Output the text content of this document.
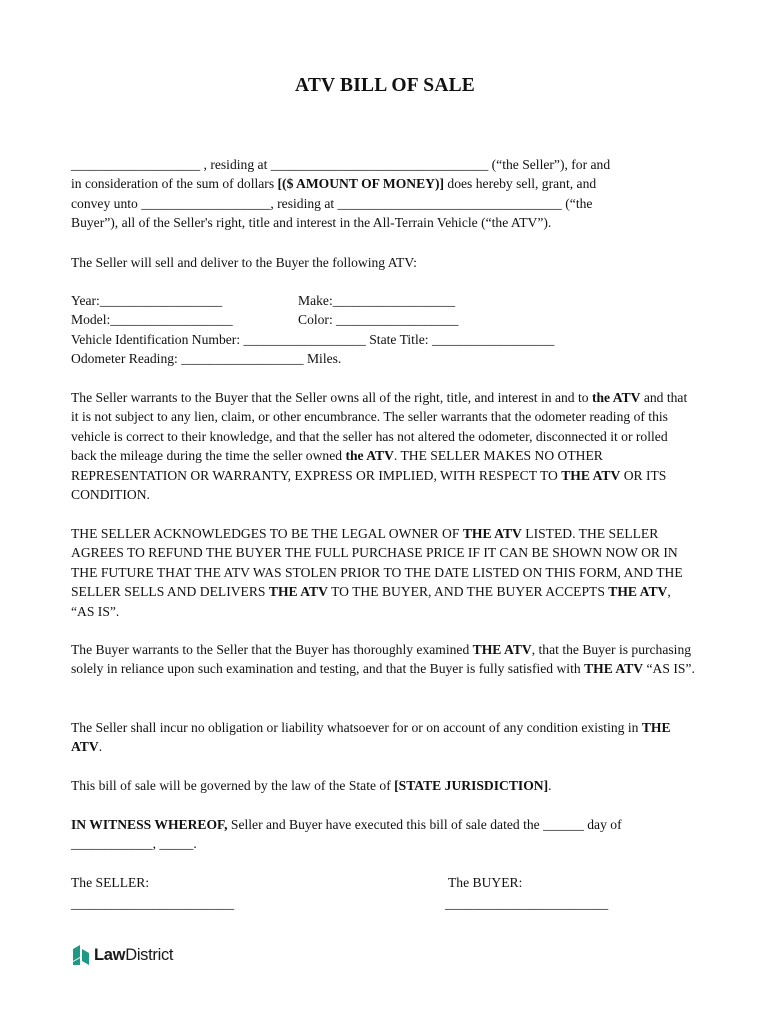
ATV BILL OF SALE

___________________ , residing at ________________________________ (“the Seller”), for and

in consideration of the sum of dollars [($ AMOUNT OF MONEY)] does hereby sell, grant, and

convey unto ___________________, residing at _________________________________ (“the

Buyer”), all of the Seller's right, title and interest in the All-Terrain Vehicle (“the ATV”).

The Seller will sell and deliver to the Buyer the following ATV:
Year:__________________	Make:__________________
Model:__________________	Color: __________________
Vehicle Identification Number: __________________ State Title: __________________
Odometer Reading: __________________ Miles.
The Seller warrants to the Buyer that the Seller owns all of the right, title, and interest in and to the ATV and that it is not subject to any lien, claim, or other encumbrance. The seller warrants that the odometer reading of this vehicle is correct to their knowledge, and that the seller has not altered the odometer, disconnected it or rolled back the mileage during the time the seller owned the ATV. THE SELLER MAKES NO OTHER REPRESENTATION OR WARRANTY, EXPRESS OR IMPLIED, WITH RESPECT TO THE ATV OR ITS CONDITION.
THE SELLER ACKNOWLEDGES TO BE THE LEGAL OWNER OF THE ATV LISTED. THE SELLER AGREES TO REFUND THE BUYER THE FULL PURCHASE PRICE IF IT CAN BE SHOWN NOW OR IN THE FUTURE THAT THE ATV WAS STOLEN PRIOR TO THE DATE LISTED ON THIS FORM, AND THE SELLER SELLS AND DELIVERS THE ATV TO THE BUYER, AND THE BUYER ACCEPTS THE ATV, “AS IS”.
The Buyer warrants to the Seller that the Buyer has thoroughly examined THE ATV, that the Buyer is purchasing solely in reliance upon such examination and testing, and that the Buyer is fully satisfied with THE ATV “AS IS”.
The Seller shall incur no obligation or liability whatsoever for or on account of any condition existing in THE ATV.
This bill of sale will be governed by the law of the State of [STATE JURISDICTION].
IN WITNESS WHEREOF, Seller and Buyer have executed this bill of sale dated the ______ day of ____________, _____.
The SELLER:
________________________
The BUYER:
________________________
LawDistrict
